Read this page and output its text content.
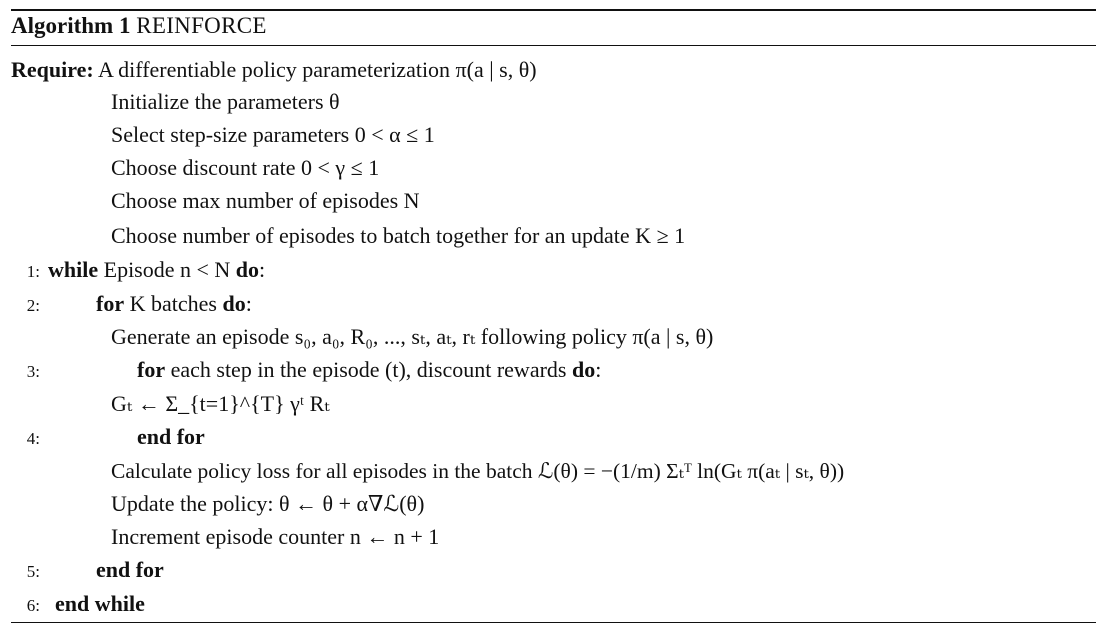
Algorithm 1 REINFORCE
Require: A differentiable policy parameterization π(a | s, θ)
Initialize the parameters θ
Select step-size parameters 0 < α ≤ 1
Choose discount rate 0 < γ ≤ 1
Choose max number of episodes N
Choose number of episodes to batch together for an update K ≥ 1
1: while Episode n < N do:
2:	for K batches do:
Generate an episode s₀, a₀, R₀, ..., sₜ, aₜ, rₜ following policy π(a | s, θ)
3:	for each step in the episode (t), discount rewards do:
Gₜ ← Σ_{t=1}^{T} γᵗ Rₜ
4:	end for
Calculate policy loss for all episodes in the batch ℒ(θ) = −(1/m) Σₜᵀ ln(Gₜ π(aₜ | sₜ, θ))
Update the policy: θ ← θ + α∇ℒ(θ)
Increment episode counter n ← n + 1
5:	end for
6: end while
